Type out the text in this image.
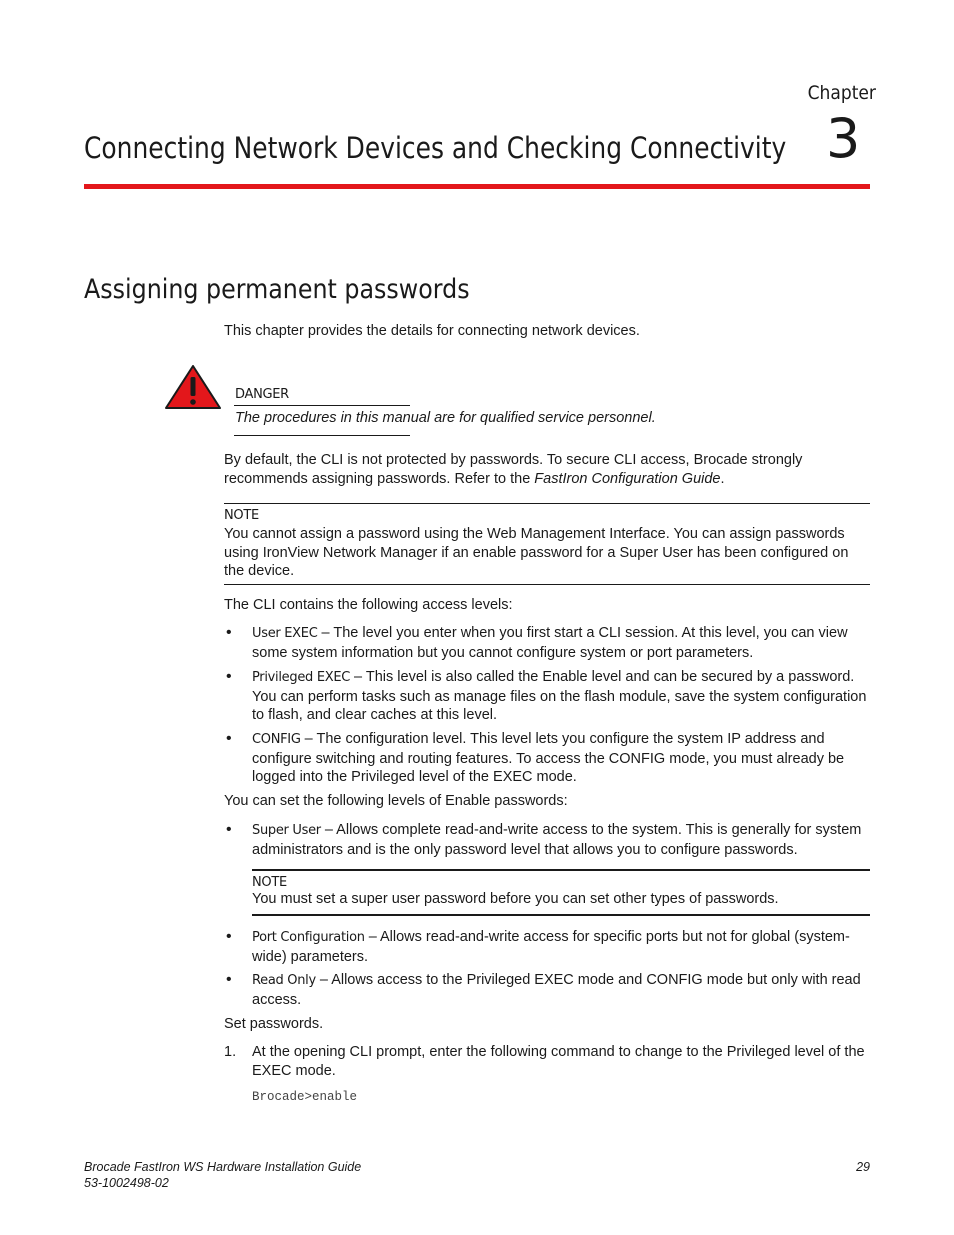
Chapter
Connecting Network Devices and Checking Connectivity 3
Assigning permanent passwords
This chapter provides the details for connecting network devices.
DANGER
The procedures in this manual are for qualified service personnel.
By default, the CLI is not protected by passwords. To secure CLI access, Brocade strongly recommends assigning passwords. Refer to the FastIron Configuration Guide.
NOTE
You cannot assign a password using the Web Management Interface. You can assign passwords using IronView Network Manager if an enable password for a Super User has been configured on the device.
The CLI contains the following access levels:
• User EXEC – The level you enter when you first start a CLI session. At this level, you can view some system information but you cannot configure system or port parameters.
• Privileged EXEC – This level is also called the Enable level and can be secured by a password. You can perform tasks such as manage files on the flash module, save the system configuration to flash, and clear caches at this level.
• CONFIG – The configuration level. This level lets you configure the system IP address and configure switching and routing features. To access the CONFIG mode, you must already be logged into the Privileged level of the EXEC mode.
You can set the following levels of Enable passwords:
• Super User – Allows complete read-and-write access to the system. This is generally for system administrators and is the only password level that allows you to configure passwords.
NOTE
You must set a super user password before you can set other types of passwords.
• Port Configuration – Allows read-and-write access for specific ports but not for global (system-wide) parameters.
• Read Only – Allows access to the Privileged EXEC mode and CONFIG mode but only with read access.
Set passwords.
1. At the opening CLI prompt, enter the following command to change to the Privileged level of the EXEC mode.
Brocade>enable
Brocade FastIron WS Hardware Installation Guide
53-1002498-02
29
